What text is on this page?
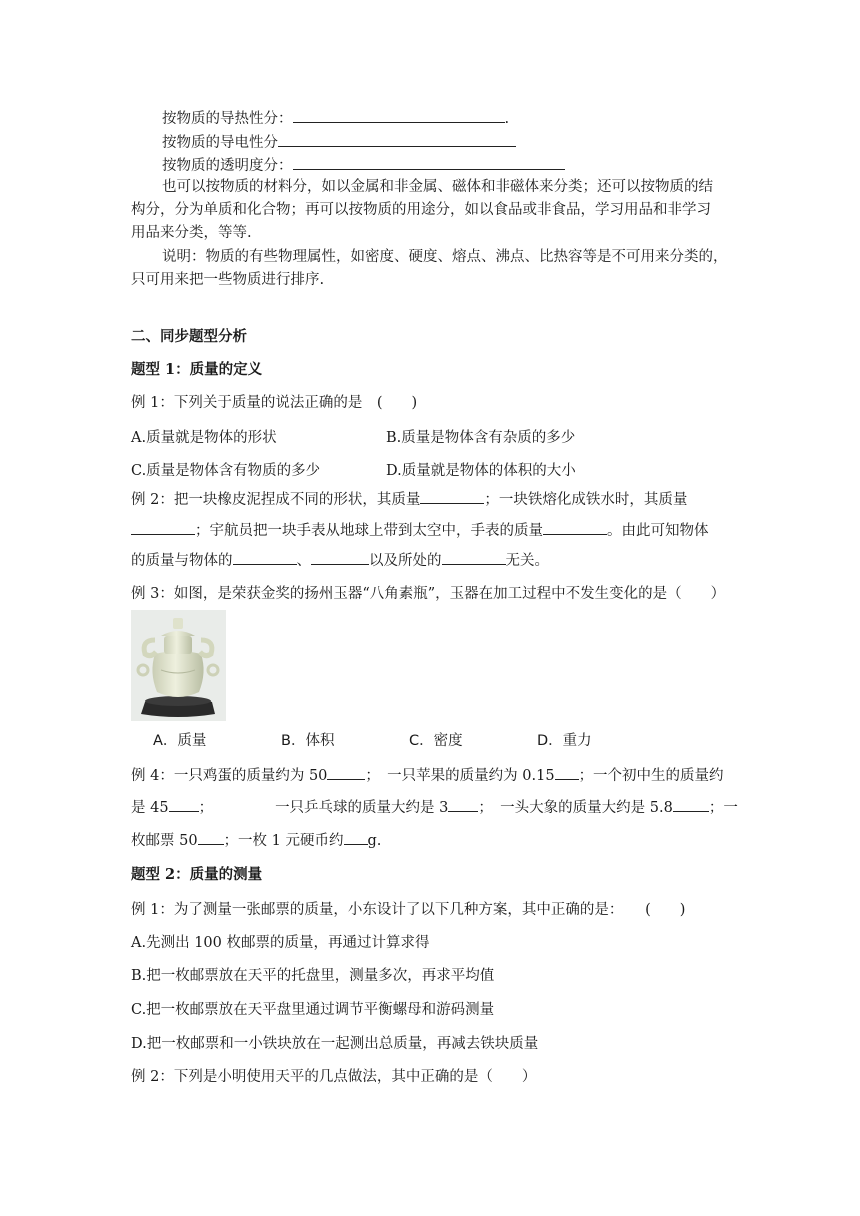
按物质的导热性分：	.
按物质的导电性分
按物质的透明度分：
也可以按物质的材料分，如以金属和非金属、磁体和非磁体来分类；还可以按物质的结
构分，分为单质和化合物；再可以按物质的用途分，如以食品或非食品，学习用品和非学习
用品来分类，等等.
说明：物质的有些物理属性，如密度、硬度、熔点、沸点、比热容等是不可用来分类的，
只可用来把一些物质进行排序.
二、同步题型分析
题型 1：质量的定义
例 1：下列关于质量的说法正确的是　(　　)
A.质量就是物体的形状	B.质量是物体含有杂质的多少
C.质量是物体含有物质的多少	D.质量就是物体的体积的大小
例 2：把一块橡皮泥捏成不同的形状，其质量	；一块铁熔化成铁水时，其质量
；宇航员把一块手表从地球上带到太空中，手表的质量	。由此可知物体
的质量与物体的	、	以及所处的	无关。
例 3：如图，是荣获金奖的扬州玉器“八角素瓶”，玉器在加工过程中不发生变化的是（　　）
A．质量	B．体积	C．密度	D．重力
例 4：一只鸡蛋的质量约为 50	；　一只苹果的质量约为 0.15 ；一个初中生的质量约
是 45 ；	一只乒乓球的质量大约是 3 ；　一头大象的质量大约是 5.8 ；一
枚邮票 50 ；一枚 1 元硬币约 g.
题型 2：质量的测量
例 1：为了测量一张邮票的质量，小东设计了以下几种方案，其中正确的是：　　(　　)
A.先测出 100 枚邮票的质量，再通过计算求得
B.把一枚邮票放在天平的托盘里，测量多次，再求平均值
C.把一枚邮票放在天平盘里通过调节平衡螺母和游码测量
D.把一枚邮票和一小铁块放在一起测出总质量，再减去铁块质量
例 2：下列是小明使用天平的几点做法，其中正确的是（　　）
